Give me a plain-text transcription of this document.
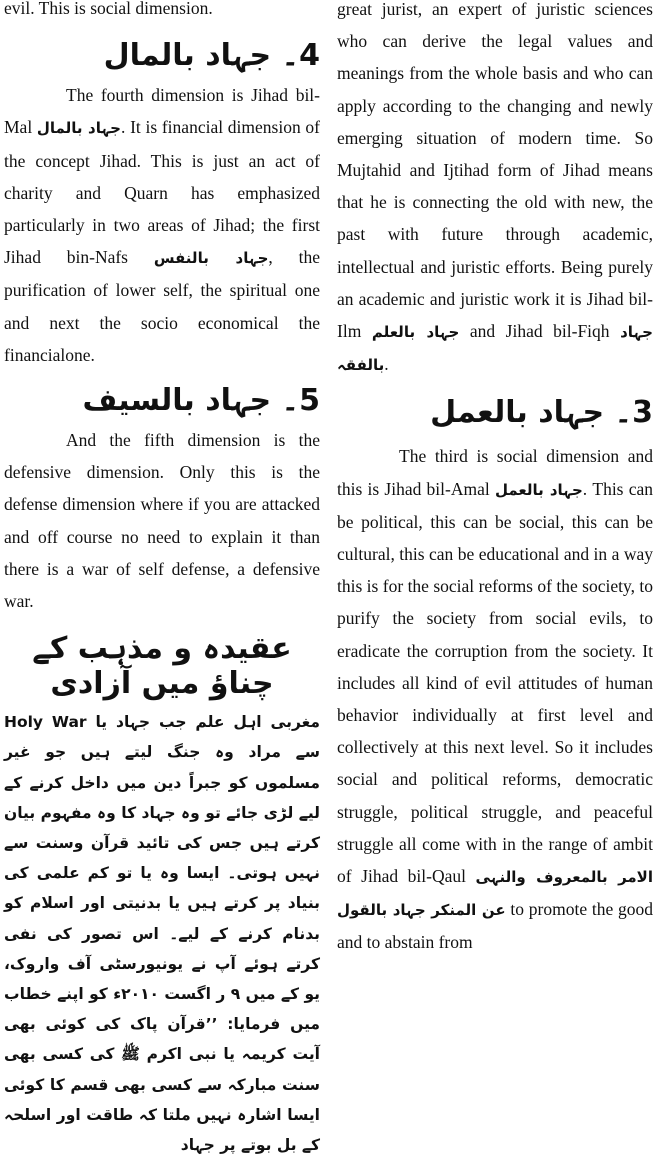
evil. This is social dimension.

4۔ جہاد بالمال

The fourth dimension is Jihad bil-Mal جہاد بالمال. It is financial dimension of the concept Jihad. This is just an act of charity and Quarn has emphasized particularly in two areas of Jihad; the first Jihad bin-Nafs جہاد بالنفس, the purification of lower self, the spiritual one and next the socio economical the financialone.

5۔ جہاد بالسیف

And the fifth dimension is the defensive dimension. Only this is the defense dimension where if you are attacked and off course no need to explain it than there is a war of self defense, a defensive war.

عقیدہ و مذہب کے چناؤ میں آزادی

مغربی اہل علم جب جہاد یا Holy War سے مراد وہ جنگ لیتے ہیں جو غیر مسلموں کو جبراً دین میں داخل کرنے کے لیے لڑی جائے تو وہ جہاد کا وہ مفہوم بیان کرتے ہیں جس کی تائید قرآن وسنت سے نہیں ہوتی۔ ایسا وہ یا تو کم علمی کی بنیاد پر کرتے ہیں یا بدنیتی اور اسلام کو بدنام کرنے کے لیے۔ اس تصور کی نفی کرتے ہوئے آپ نے یونیورسٹی آف واروک، یو کے میں ۹ ر اگست ۲۰۱۰ء کو اپنے خطاب میں فرمایا: ’’قرآن پاک کی کوئی بھی آیت کریمہ یا نبی اکرم ﷺ کی کسی بھی سنت مبارکہ سے کسی بھی قسم کا کوئی ایسا اشارہ نہیں ملتا کہ طاقت اور اسلحہ کے بل بوتے پر جہاد

great jurist, an expert of juristic sciences who can derive the legal values and meanings from the whole basis and who can apply according to the changing and newly emerging situation of modern time. So Mujtahid and Ijtihad form of Jihad means that he is connecting the old with new, the past with future through academic, intellectual and juristic efforts. Being purely an academic and juristic work it is Jihad bil-Ilm جہاد بالعلم and Jihad bil-Fiqh جہاد بالفقہ.

3۔ جہاد بالعمل

The third is social dimension and this is Jihad bil-Amal جہاد بالعمل. This can be political, this can be social, this can be cultural, this can be educational and in a way this is for the social reforms of the society, to purify the society from social evils, to eradicate the corruption from the society. It includes all kind of evil attitudes of human behavior individually at first level and collectively at this next level. So it includes social and political reforms, democratic struggle, political struggle, and peaceful struggle all come with in the range of ambit of Jihad bil-Qaul الامر بالمعروف والنہی عن المنکر جہاد بالقول to promote the good and to abstain from
